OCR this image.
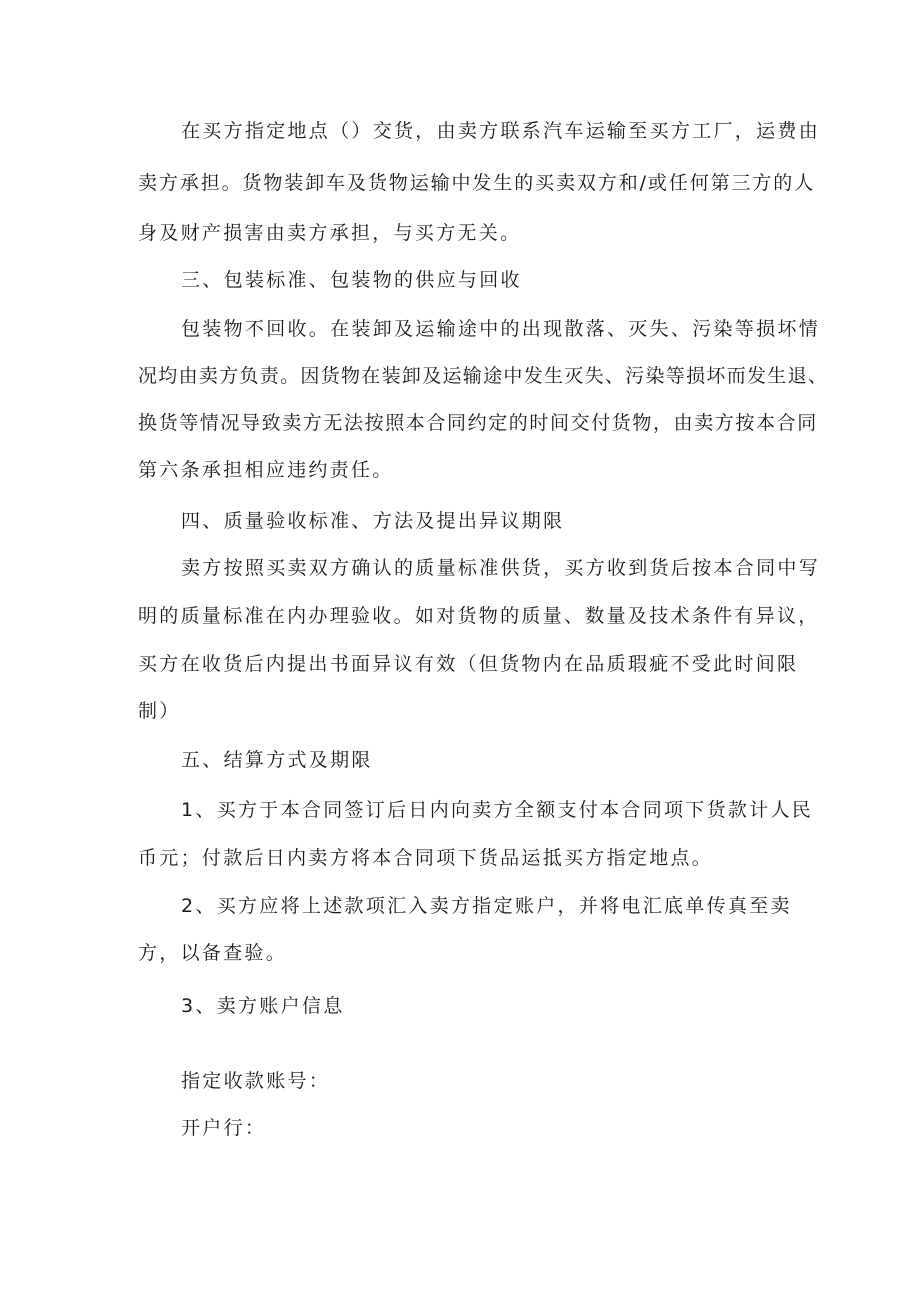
在买方指定地点（）交货，由卖方联系汽车运输至买方工厂，运费由
卖方承担。货物装卸车及货物运输中发生的买卖双方和/或任何第三方的人
身及财产损害由卖方承担，与买方无关。
三、包装标准、包装物的供应与回收
包装物不回收。在装卸及运输途中的出现散落、灭失、污染等损坏情
况均由卖方负责。因货物在装卸及运输途中发生灭失、污染等损坏而发生退、
换货等情况导致卖方无法按照本合同约定的时间交付货物，由卖方按本合同
第六条承担相应违约责任。
四、质量验收标准、方法及提出异议期限
卖方按照买卖双方确认的质量标准供货，买方收到货后按本合同中写
明的质量标准在内办理验收。如对货物的质量、数量及技术条件有异议，
买方在收货后内提出书面异议有效（但货物内在品质瑕疵不受此时间限
制）
五、结算方式及期限
1、买方于本合同签订后日内向卖方全额支付本合同项下货款计人民
币元；付款后日内卖方将本合同项下货品运抵买方指定地点。
2、买方应将上述款项汇入卖方指定账户，并将电汇底单传真至卖
方，以备查验。
3、卖方账户信息
指定收款账号：
开户行：
